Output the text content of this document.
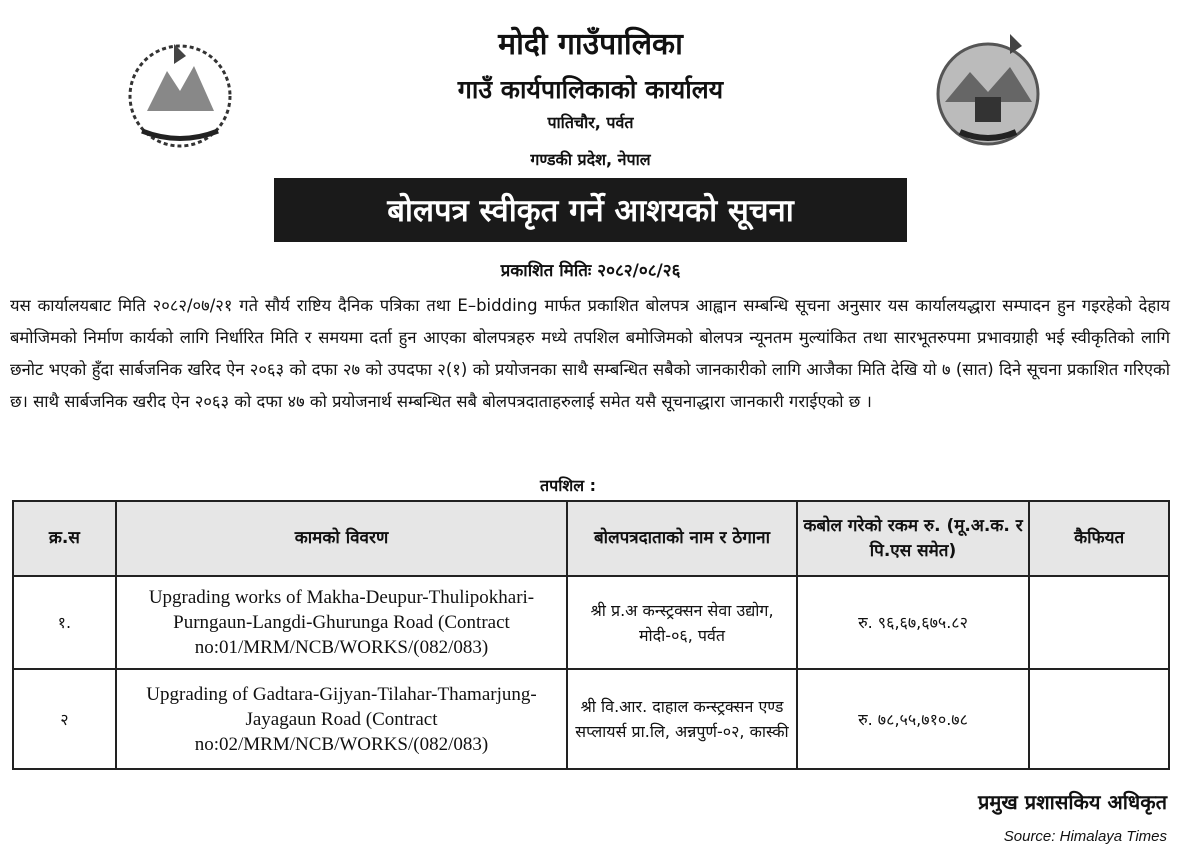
मोदी गाउँपालिका
गाउँ कार्यपालिकाको कार्यालय
पातिचौर, पर्वत
गण्डकी प्रदेश, नेपाल
बोलपत्र स्वीकृत गर्ने आशयको सूचना
प्रकाशित मितिः २०८२/०८/२६
यस कार्यालयबाट मिति २०८२/०७/२१ गते सौर्य राष्टिय दैनिक पत्रिका तथा E–bidding मार्फत प्रकाशित बोलपत्र आह्वान सम्बन्धि सूचना अनुसार यस कार्यालयद्धारा सम्पादन हुन गइरहेको देहाय बमोजिमको निर्माण कार्यको लागि निर्धारित मिति र समयमा दर्ता हुन आएका बोलपत्रहरु मध्ये तपशिल बमोजिमको बोलपत्र न्यूनतम मुल्यांकित तथा सारभूतरुपमा प्रभावग्राही भई स्वीकृतिको लागि छनोट भएको हुँदा सार्बजनिक खरिद ऐन २०६३ को दफा २७ को उपदफा २(१) को प्रयोजनका साथै सम्बन्धित सबैको जानकारीको लागि आजैका मिति देखि यो ७ (सात) दिने सूचना प्रकाशित गरिएको छ। साथै सार्बजनिक खरीद ऐन २०६३ को दफा ४७ को प्रयोजनार्थ सम्बन्धित सबै बोलपत्रदाताहरुलाई समेत यसै सूचनाद्धारा जानकारी गराईएको छ ।
तपशिल :
क्र.स	कामको विवरण	बोलपत्रदाताको नाम र ठेगाना	कबोल गरेको रकम रु. (मू.अ.क. र पि.एस समेत)	कैफियत
१.	Upgrading works of Makha-Deupur-Thulipokhari-Purngaun-Langdi-Ghurunga Road (Contract no:01/MRM/NCB/WORKS/(082/083)	श्री प्र.अ कन्स्ट्रक्सन सेवा उद्योग, मोदी-०६, पर्वत	रु. ९६,६७,६७५.८२	
२	Upgrading of Gadtara-Gijyan-Tilahar-Thamarjung-Jayagaun Road (Contract no:02/MRM/NCB/WORKS/(082/083)	श्री वि.आर. दाहाल कन्स्ट्रक्सन एण्ड सप्लायर्स प्रा.लि, अन्नपुर्ण-०२, कास्की	रु. ७८,५५,७१०.७८	
प्रमुख प्रशासकिय अधिकृत
Source: Himalaya Times
